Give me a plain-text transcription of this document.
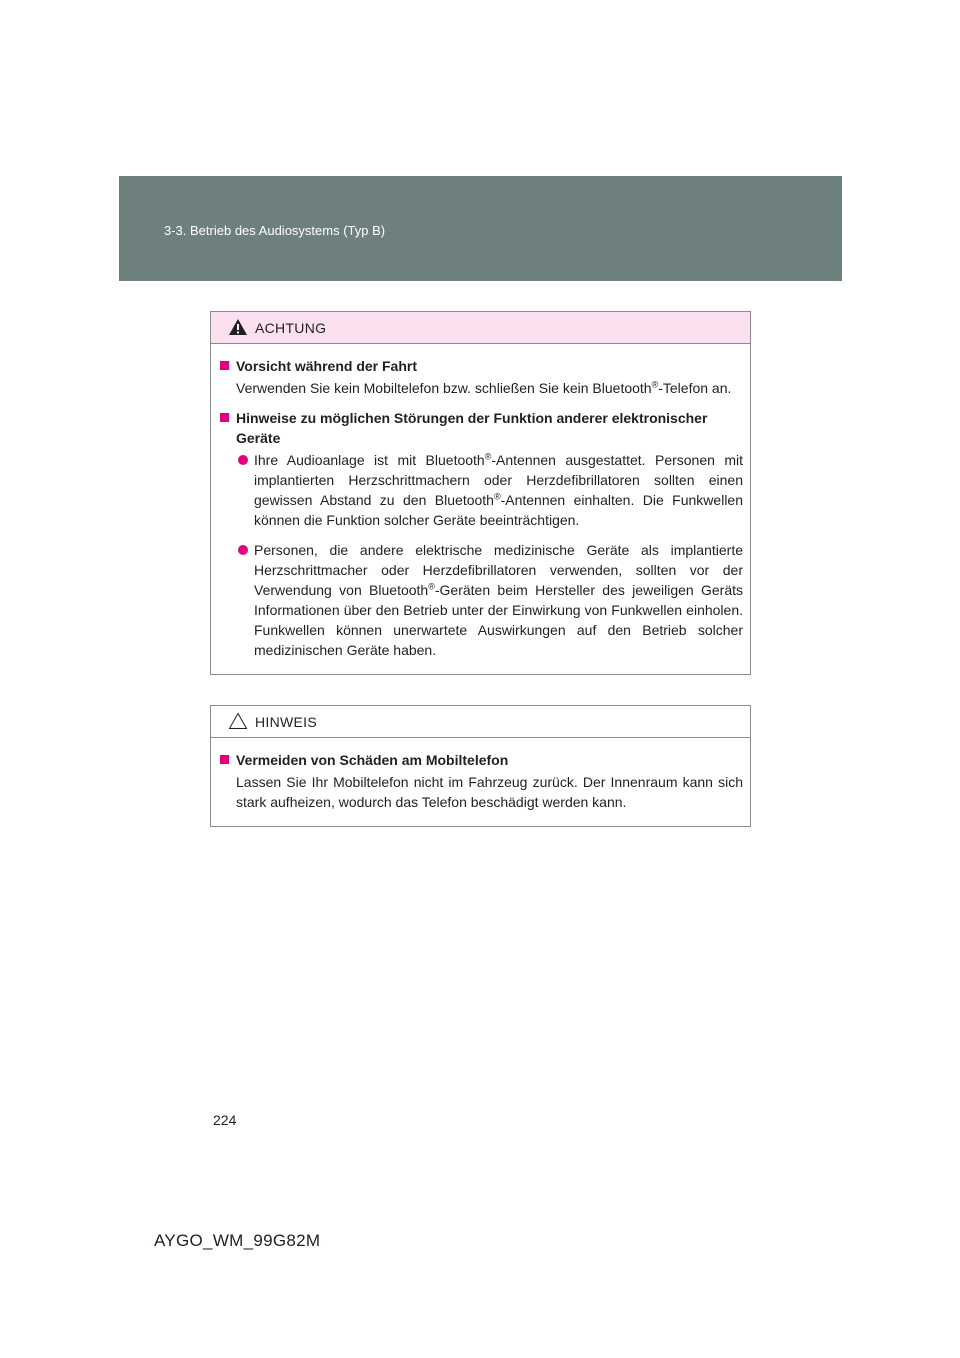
3-3. Betrieb des Audiosystems (Typ B)
ACHTUNG
Vorsicht während der Fahrt
Verwenden Sie kein Mobiltelefon bzw. schließen Sie kein Bluetooth®-Telefon an.
Hinweise zu möglichen Störungen der Funktion anderer elektronischer Geräte
Ihre Audioanlage ist mit Bluetooth®-Antennen ausgestattet. Personen mit implantierten Herzschrittmachern oder Herzdefibrillatoren sollten einen gewissen Abstand zu den Bluetooth®-Antennen einhalten. Die Funkwellen können die Funktion solcher Geräte beeinträchtigen.
Personen, die andere elektrische medizinische Geräte als implantierte Herzschrittmacher oder Herzdefibrillatoren verwenden, sollten vor der Verwendung von Bluetooth®-Geräten beim Hersteller des jeweiligen Geräts Informationen über den Betrieb unter der Einwirkung von Funkwellen einholen. Funkwellen können unerwartete Auswirkungen auf den Betrieb solcher medizinischen Geräte haben.
HINWEIS
Vermeiden von Schäden am Mobiltelefon
Lassen Sie Ihr Mobiltelefon nicht im Fahrzeug zurück. Der Innenraum kann sich stark aufheizen, wodurch das Telefon beschädigt werden kann.
224
AYGO_WM_99G82M
